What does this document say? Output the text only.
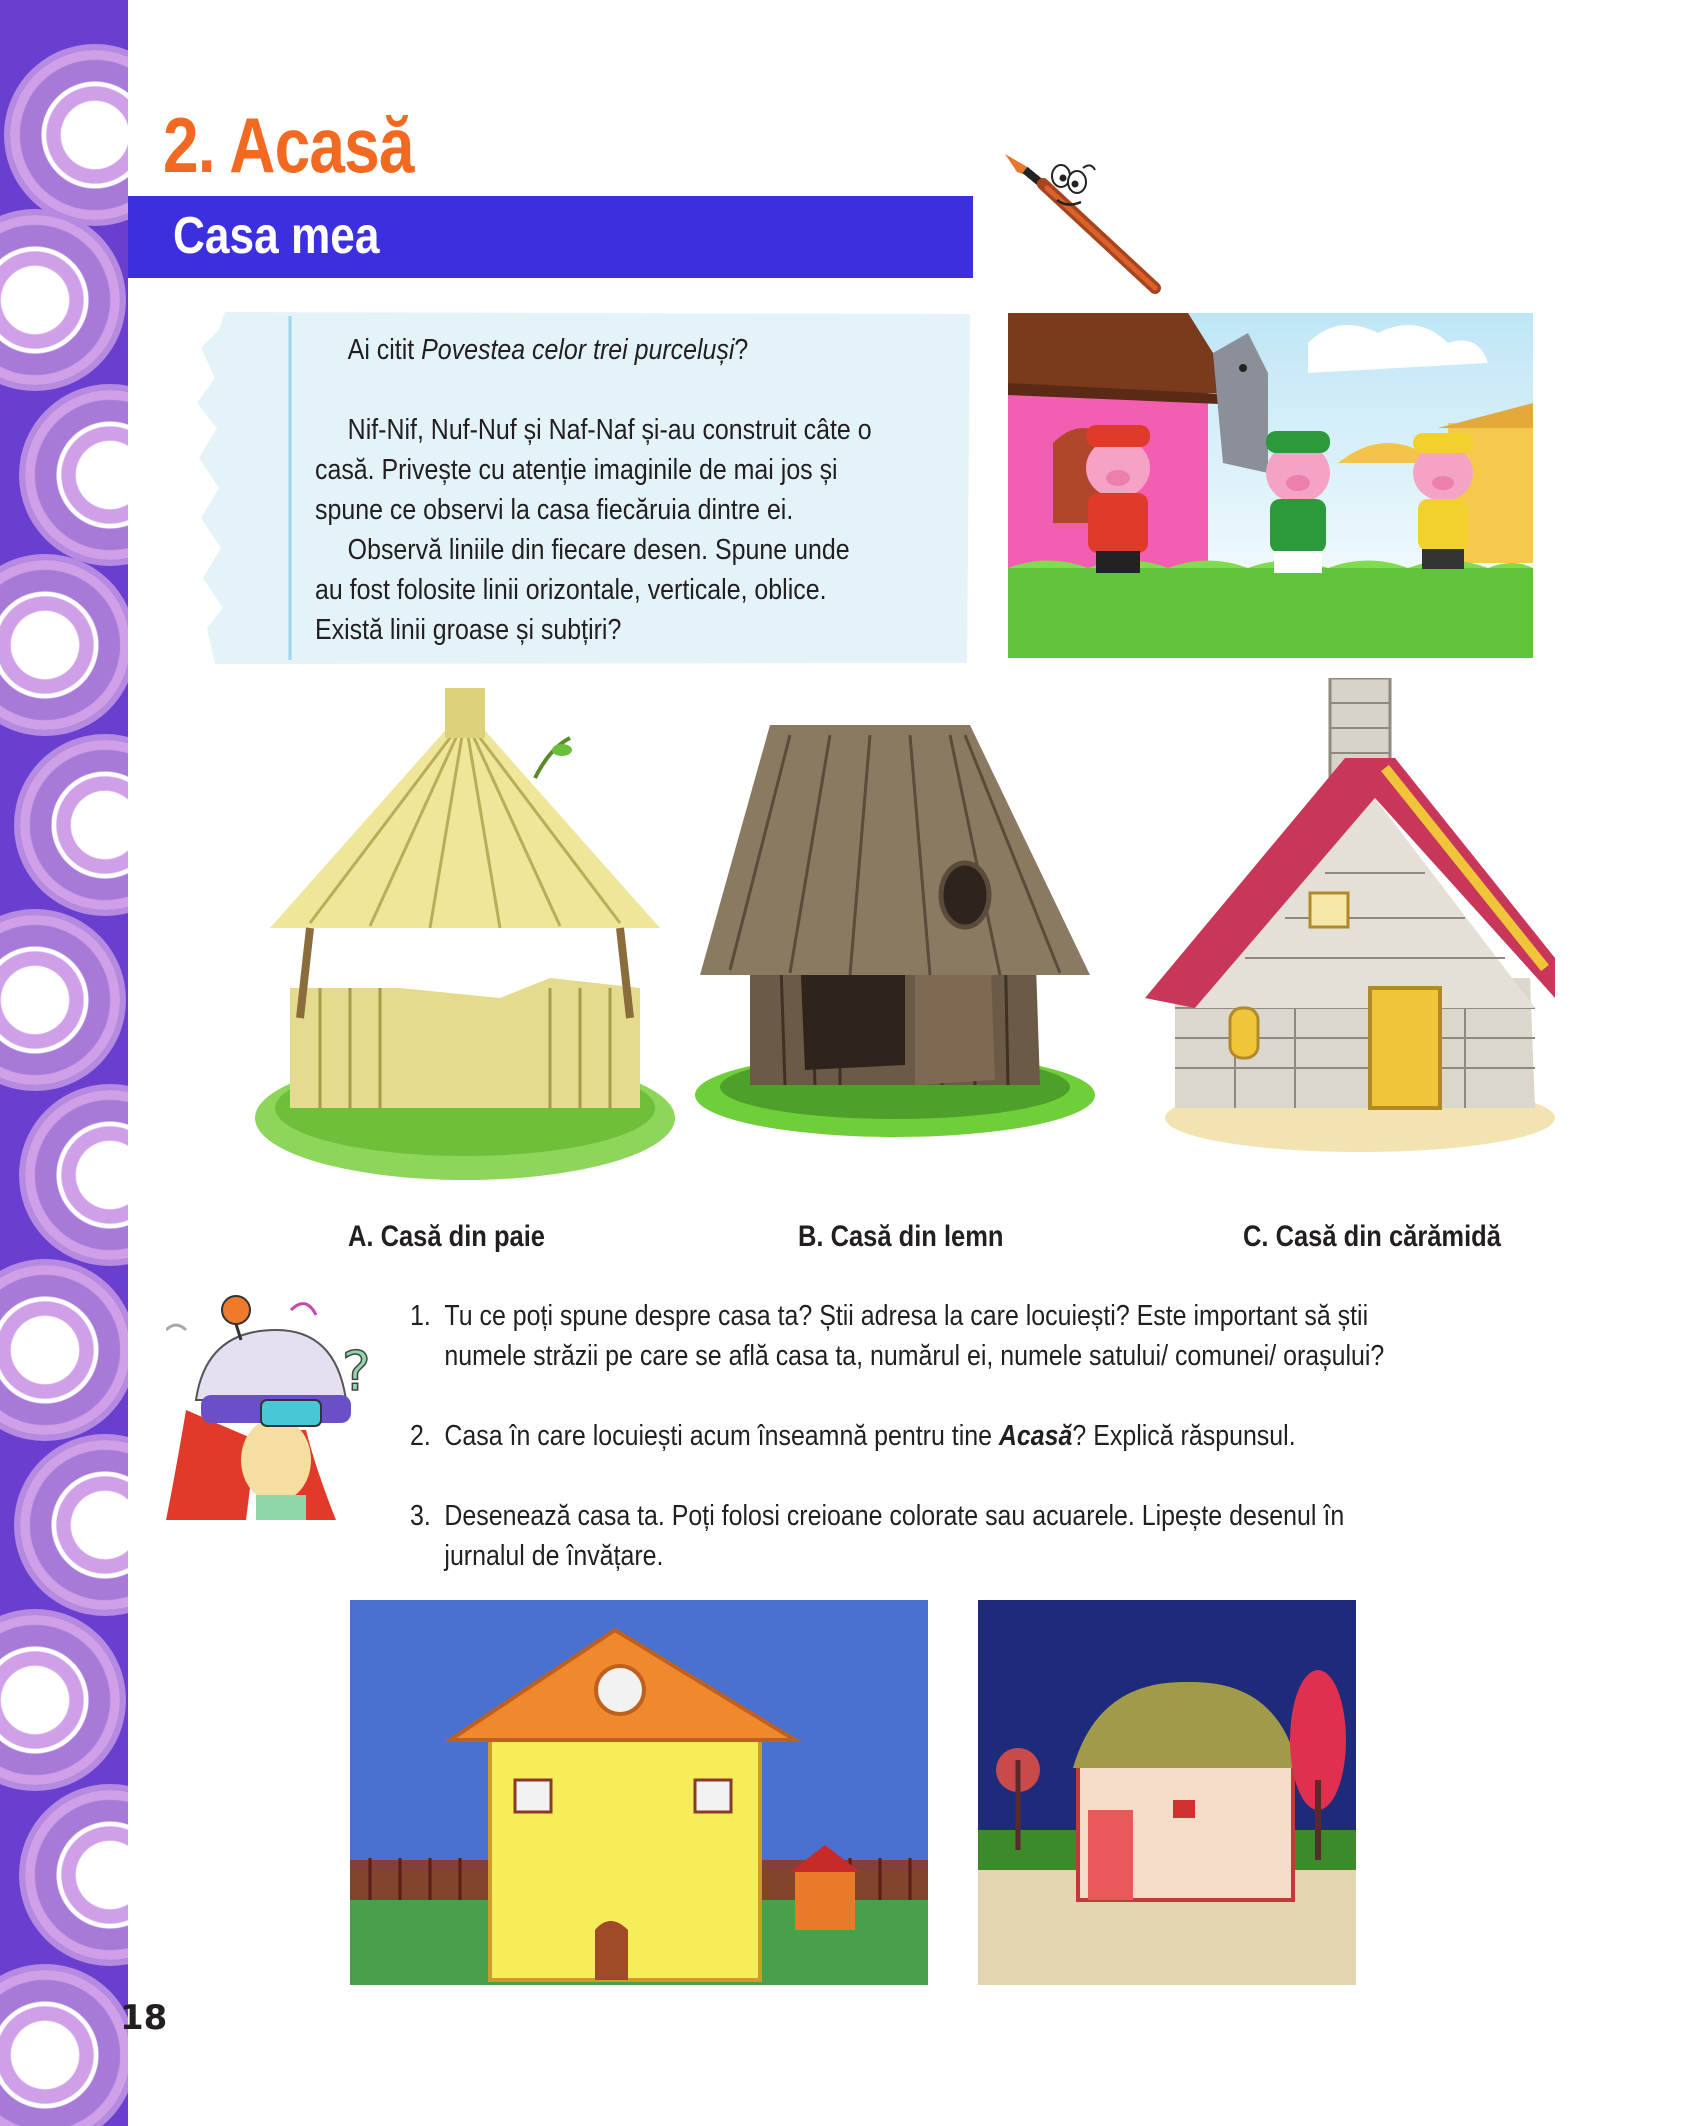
2. Acasă
Casa mea

Ai citit Povestea celor trei purceluși?

Nif-Nif, Nuf-Nuf și Naf-Naf și-au construit câte o casă. Privește cu atenție imaginile de mai jos și spune ce observi la casa fiecăruia dintre ei.

Observă liniile din fiecare desen. Spune unde au fost folosite linii orizontale, verticale, oblice. Există linii groase și subțiri?

A. Casă din paie	B. Casă din lemn	C. Casă din cărămidă
?
1. Tu ce poți spune despre casa ta? Știi adresa la care locuiești? Este important să știi numele străzii pe care se află casa ta, numărul ei, numele satului/ comunei/ orașului?
2. Casa în care locuiești acum înseamnă pentru tine Acasă? Explică răspunsul.
3. Desenează casa ta. Poți folosi creioane colorate sau acuarele. Lipește desenul în jurnalul de învățare.
18
